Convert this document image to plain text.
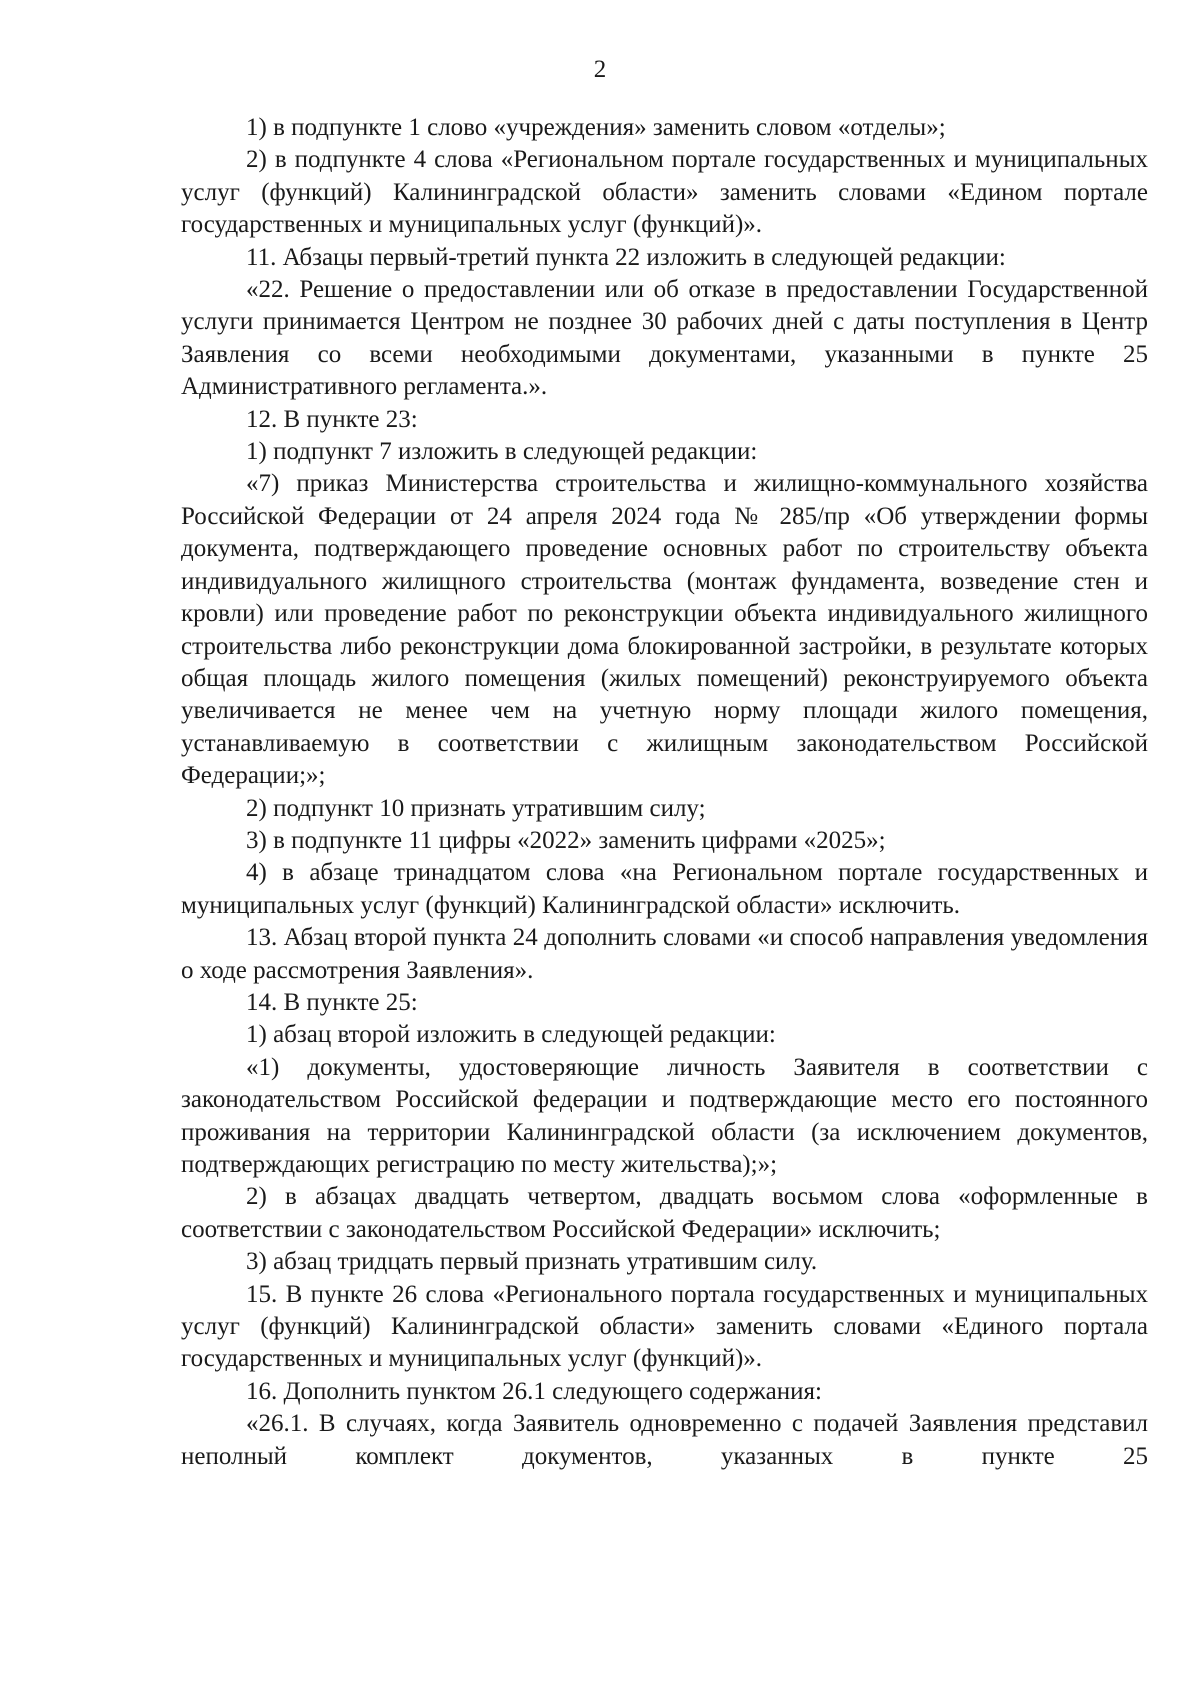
2

1) в подпункте 1 слово «учреждения» заменить словом «отделы»;

2) в подпункте 4 слова «Региональном портале государственных и муниципальных услуг (функций) Калининградской области» заменить словами «Едином портале государственных и муниципальных услуг (функций)».

11. Абзацы первый-третий пункта 22 изложить в следующей редакции:

«22. Решение о предоставлении или об отказе в предоставлении Государственной услуги принимается Центром не позднее 30 рабочих дней с даты поступления в Центр Заявления со всеми необходимыми документами, указанными в пункте 25 Административного регламента.».

12. В пункте 23:

1) подпункт 7 изложить в следующей редакции:

«7) приказ Министерства строительства и жилищно-коммунального хозяйства Российской Федерации от 24 апреля 2024 года № 285/пр «Об утверждении формы документа, подтверждающего проведение основных работ по строительству объекта индивидуального жилищного строительства (монтаж фундамента, возведение стен и кровли) или проведение работ по реконструкции объекта индивидуального жилищного строительства либо реконструкции дома блокированной застройки, в результате которых общая площадь жилого помещения (жилых помещений) реконструируемого объекта увеличивается не менее чем на учетную норму площади жилого помещения, устанавливаемую в соответствии с жилищным законодательством Российской Федерации;»;

2) подпункт 10 признать утратившим силу;

3) в подпункте 11 цифры «2022» заменить цифрами «2025»;

4) в абзаце тринадцатом слова «на Региональном портале государственных и муниципальных услуг (функций) Калининградской области» исключить.

13. Абзац второй пункта 24 дополнить словами «и способ направления уведомления о ходе рассмотрения Заявления».

14. В пункте 25:

1) абзац второй изложить в следующей редакции:

«1) документы, удостоверяющие личность Заявителя в соответствии с законодательством Российской федерации и подтверждающие место его постоянного проживания на территории Калининградской области (за исключением документов, подтверждающих регистрацию по месту жительства);»;

2) в абзацах двадцать четвертом, двадцать восьмом слова «оформленные в соответствии с законодательством Российской Федерации» исключить;

3) абзац тридцать первый признать утратившим силу.

15. В пункте 26 слова «Регионального портала государственных и муниципальных услуг (функций) Калининградской области» заменить словами «Единого портала государственных и муниципальных услуг (функций)».

16. Дополнить пунктом 26.1 следующего содержания:

«26.1. В случаях, когда Заявитель одновременно с подачей Заявления представил неполный комплект документов, указанных в пункте 25
